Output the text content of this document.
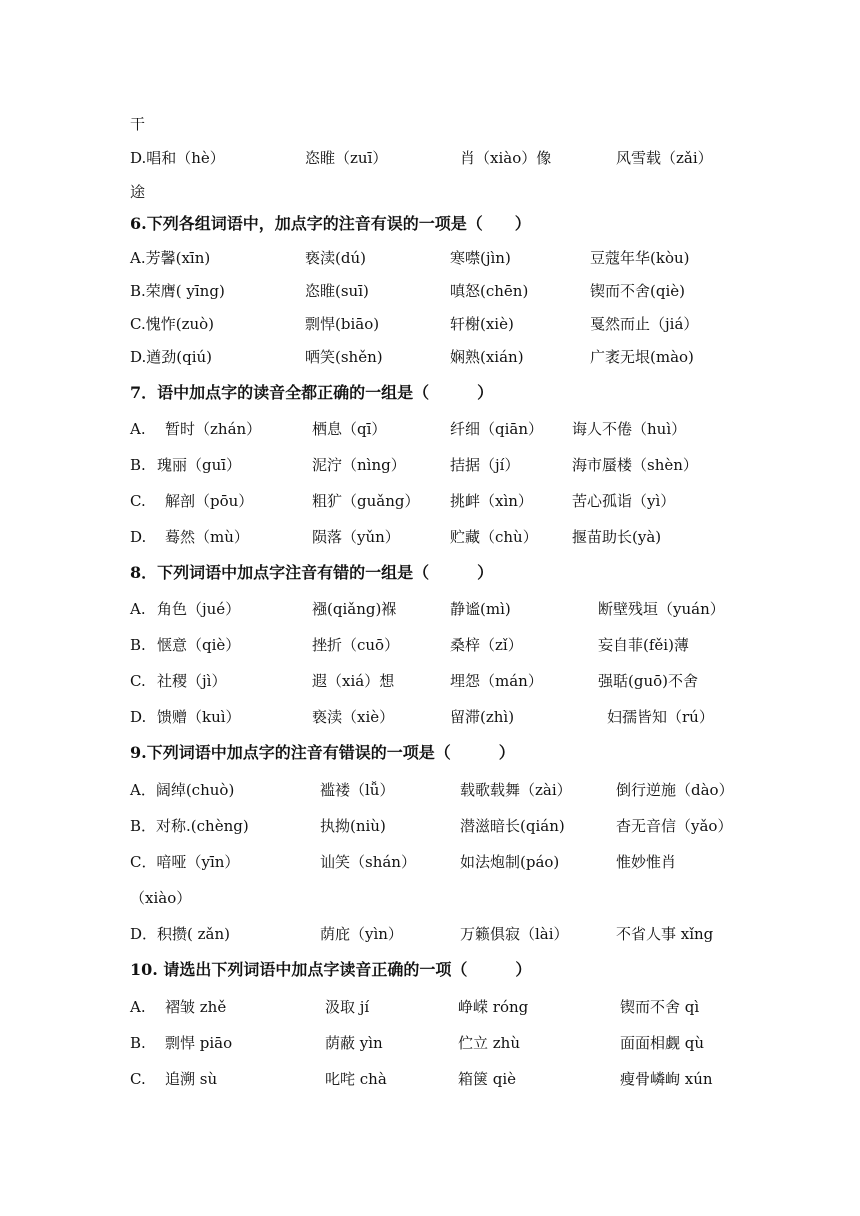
干
D.唱和（hè）	恣睢（zuī）	肖（xiào）像	风雪载（zǎi）
途
6.下列各组词语中，加点字的注音有误的一项是（　　）
A.芳馨(xīn)	亵渎(dú)	寒噤(jìn)	豆蔻年华(kòu)
B.荣膺( yīng)	恣睢(suī)	嗔怒(chēn)	锲而不舍(qiè)
C.愧怍(zuò)	剽悍(biāo)	轩榭(xiè)	戛然而止（jiá）
D.遒劲(qiú)	哂笑(shěn)	娴熟(xián)	广袤无垠(mào)
7．语中加点字的读音全都正确的一组是（　　　）
A. 暂时（zhán）	栖息（qī）	纤细（qiān） 诲人不倦（huì）
B. 瑰丽（guī）	泥泞（nìng）	拮据（jí）	海市蜃楼（shèn）
C. 解剖（pōu）	粗犷（guǎng） 挑衅（xìn）	苦心孤诣（yì）
D. 蓦然（mù）	陨落（yǔn）	贮藏（chù） 揠苗助长(yà)
8．下列词语中加点字注音有错的一组是（　　　）
A. 角色（jué）	襁(qiǎng)褓	静谧(mì)	断壁残垣（yuán）
B. 惬意（qiè）	挫折（cuō）	桑梓（zǐ）	妄自菲(fěi)薄
C. 社稷（jì）	遐（xiá）想	埋怨（mán）	强聒(guō)不舍
D. 馈赠（kuì）	亵渎（xiè）	留滞(zhì)	妇孺皆知（rú）
9.下列词语中加点字的注音有错误的一项是（　　　）
A．阔绰(chuò)	褴褛（lǚ）	载歌载舞（zài）	倒行逆施（dào）
B．对称.(chèng)	执拗(niù)	潜滋暗长(qián)	杳无音信（yǎo）
C．喑哑（yīn）	讪笑（shán）	如法炮制(páo)	惟妙惟肖
（xiào）
D．积攒( zǎn)	荫庇（yìn）	万籁俱寂（lài）	不省人事 xǐng
10. 请选出下列词语中加点字读音正确的一项（　　　）
A. 褶皱 zhě	汲取 jí	峥嵘 róng	锲而不舍 qì
B. 剽悍 piāo	荫蔽 yìn	伫立 zhù	面面相觑 qù
C. 追溯 sù	叱咤 chà	箱箧 qiè	瘦骨嶙峋 xún
